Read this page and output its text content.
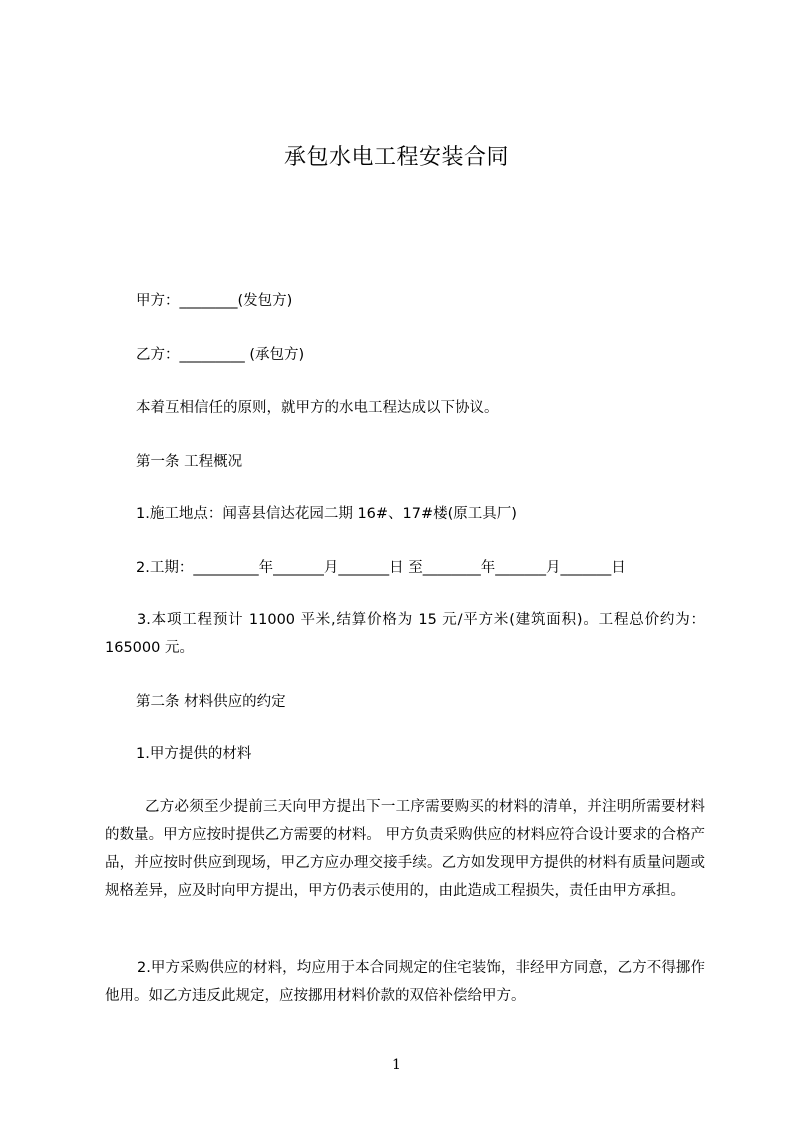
承包水电工程安装合同
甲方：________(发包方)
乙方：_________ (承包方)
本着互相信任的原则，就甲方的水电工程达成以下协议。
第一条 工程概况
1.施工地点：闻喜县信达花园二期 16#、17#楼(原工具厂)
2.工期：_________年_______月_______日 至________年_______月_______日
3.本项工程预计 11000 平米,结算价格为 15 元/平方米(建筑面积)。工程总价约为：165000 元。
第二条 材料供应的约定
1.甲方提供的材料
乙方必须至少提前三天向甲方提出下一工序需要购买的材料的清单，并注明所需要材料的数量。甲方应按时提供乙方需要的材料。 甲方负责采购供应的材料应符合设计要求的合格产品，并应按时供应到现场，甲乙方应办理交接手续。乙方如发现甲方提供的材料有质量问题或规格差异，应及时向甲方提出，甲方仍表示使用的，由此造成工程损失，责任由甲方承担。
2.甲方采购供应的材料，均应用于本合同规定的住宅装饰，非经甲方同意，乙方不得挪作他用。如乙方违反此规定，应按挪用材料价款的双倍补偿给甲方。
1
